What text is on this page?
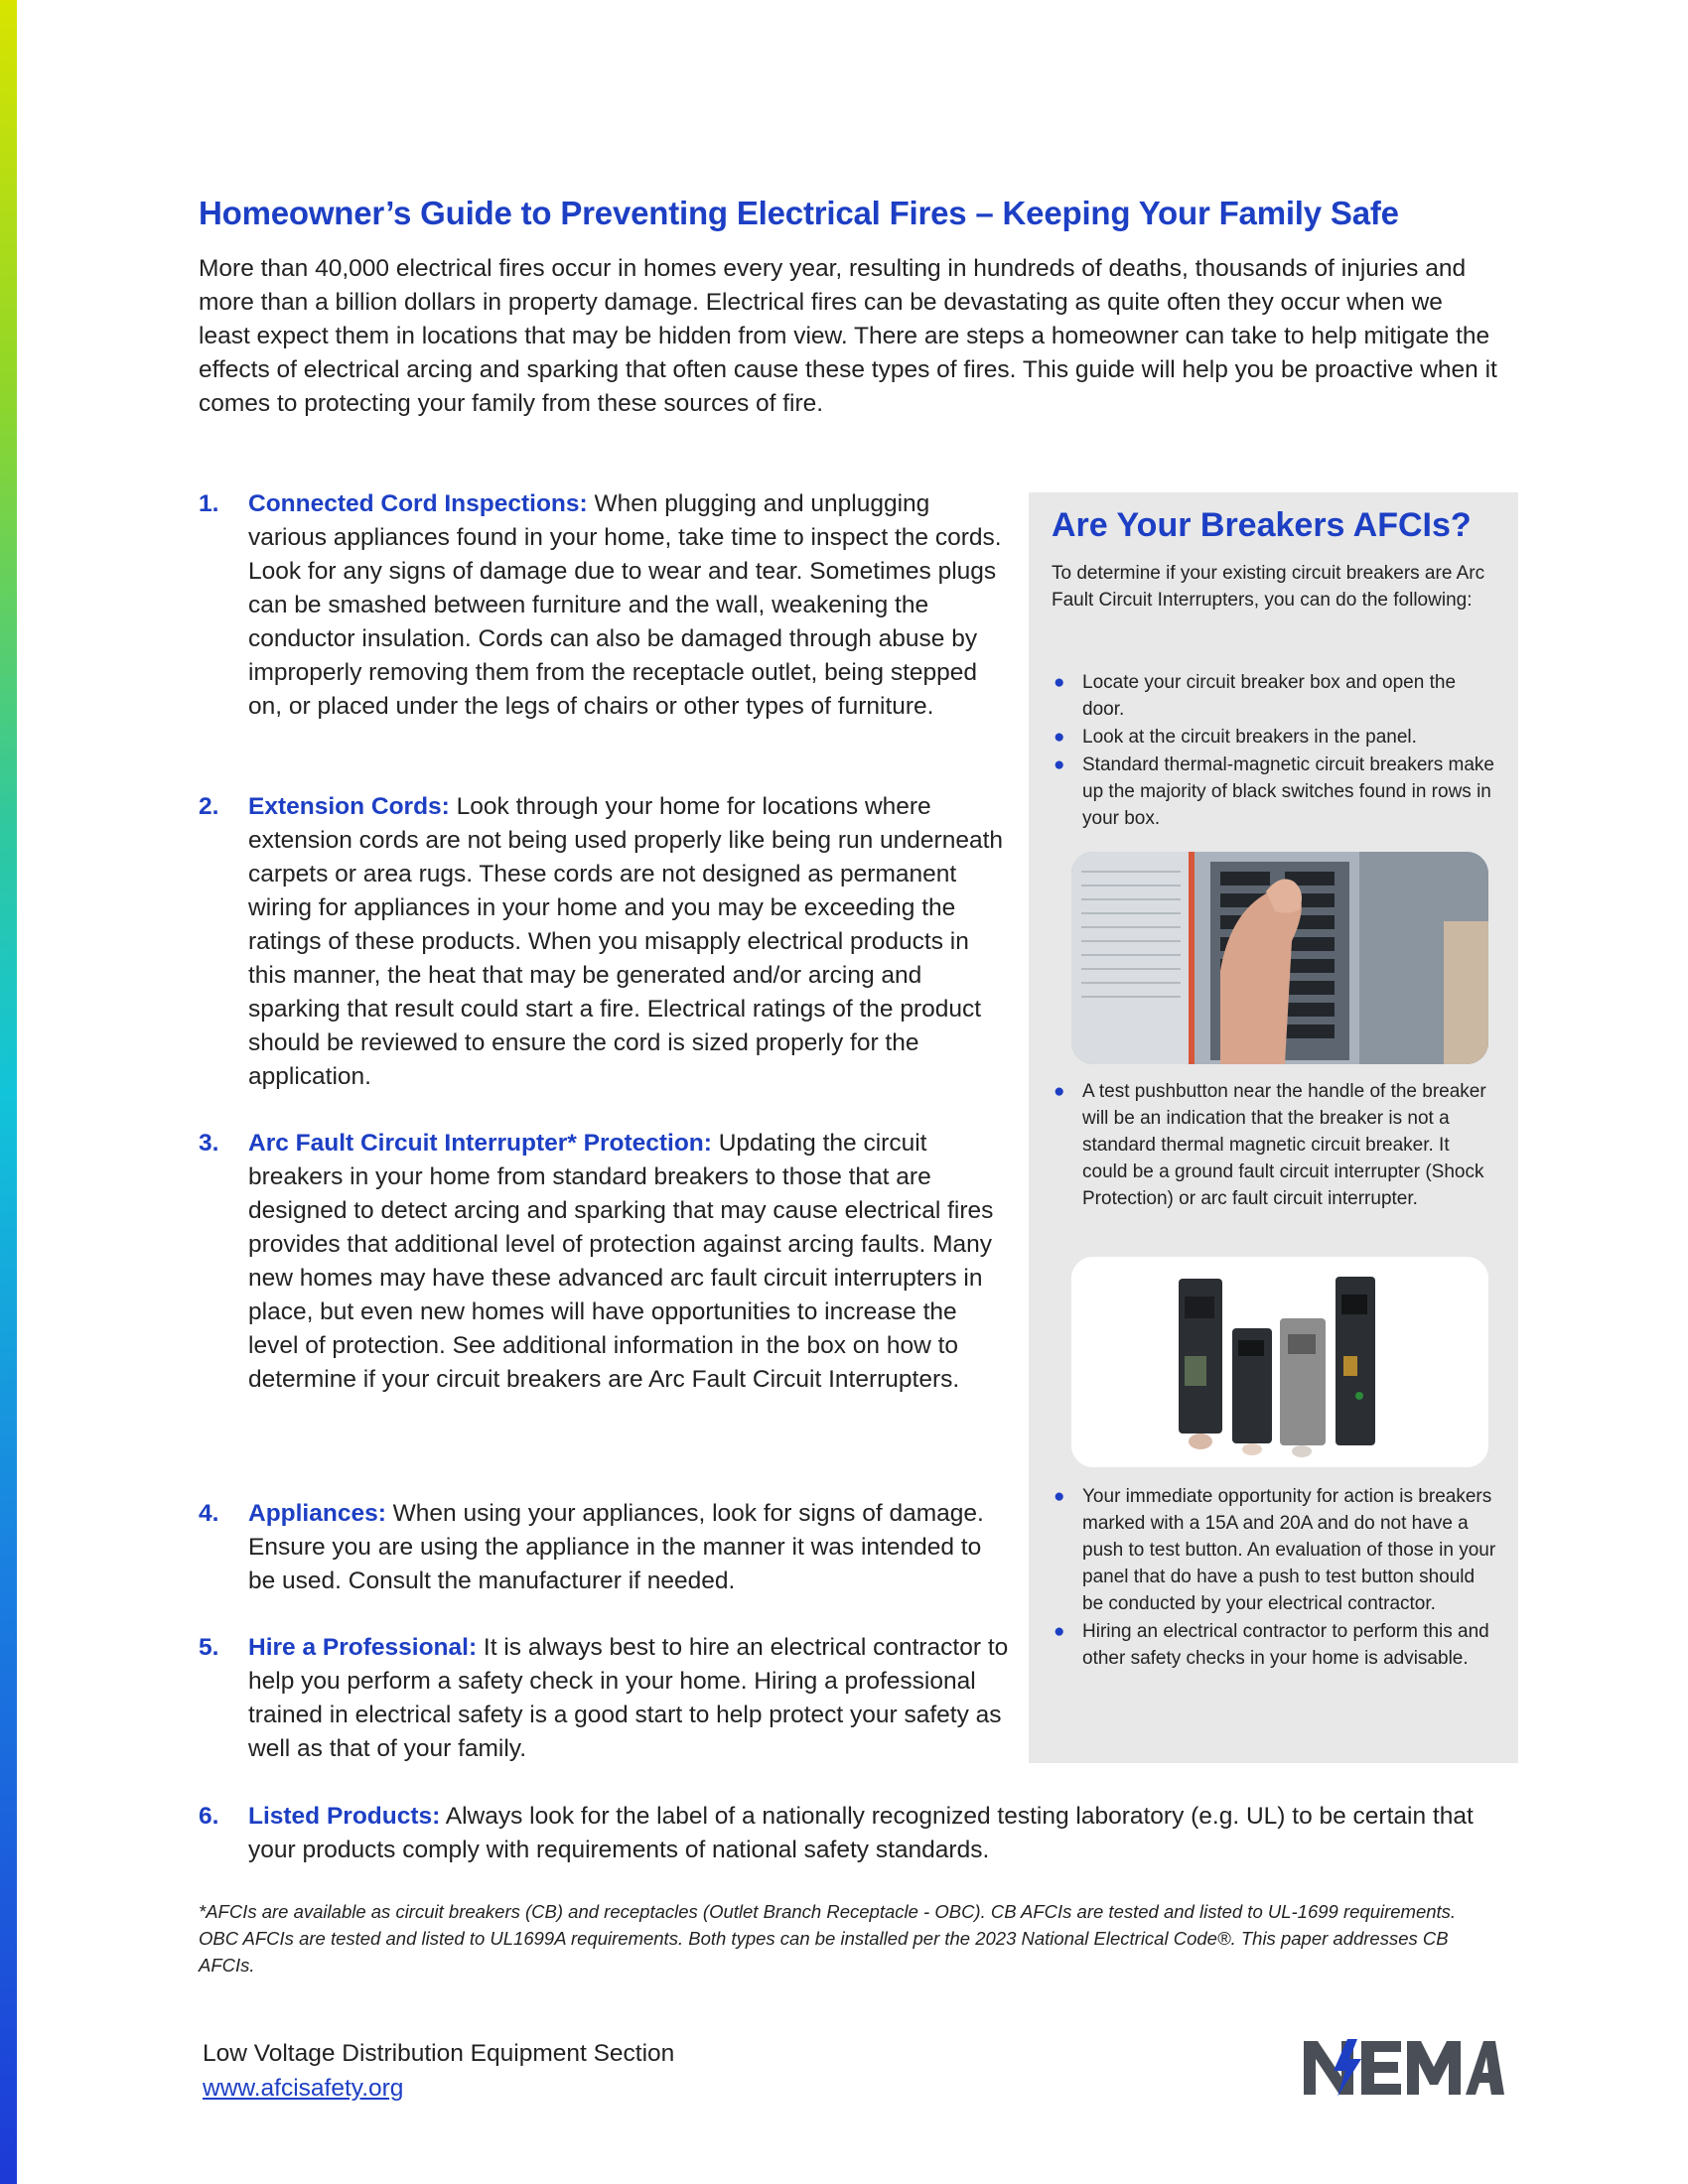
Homeowner’s Guide to Preventing Electrical Fires – Keeping Your Family Safe
More than 40,000 electrical fires occur in homes every year, resulting in hundreds of deaths, thousands of injuries and more than a billion dollars in property damage. Electrical fires can be devastating as quite often they occur when we least expect them in locations that may be hidden from view. There are steps a homeowner can take to help mitigate the effects of electrical arcing and sparking that often cause these types of fires. This guide will help you be proactive when it comes to protecting your family from these sources of fire.
1.	Connected Cord Inspections: When plugging and unplugging various appliances found in your home, take time to inspect the cords. Look for any signs of damage due to wear and tear. Sometimes plugs can be smashed between furniture and the wall, weakening the conductor insulation. Cords can also be damaged through abuse by improperly removing them from the receptacle outlet, being stepped on, or placed under the legs of chairs or other types of furniture.
2.	Extension Cords: Look through your home for locations where extension cords are not being used properly like being run underneath carpets or area rugs. These cords are not designed as permanent wiring for appliances in your home and you may be exceeding the ratings of these products. When you misapply electrical products in this manner, the heat that may be generated and/or arcing and sparking that result could start a fire. Electrical ratings of the product should be reviewed to ensure the cord is sized properly for the application.
3.	Arc Fault Circuit Interrupter* Protection: Updating the circuit breakers in your home from standard breakers to those that are designed to detect arcing and sparking that may cause electrical fires provides that additional level of protection against arcing faults. Many new homes may have these advanced arc fault circuit interrupters in place, but even new homes will have opportunities to increase the level of protection. See additional information in the box on how to determine if your circuit breakers are Arc Fault Circuit Interrupters.
4.	Appliances: When using your appliances, look for signs of damage. Ensure you are using the appliance in the manner it was intended to be used. Consult the manufacturer if needed.
5.	Hire a Professional: It is always best to hire an electrical contractor to help you perform a safety check in your home. Hiring a professional trained in electrical safety is a good start to help protect your safety as well as that of your family.
6.	Listed Products: Always look for the label of a nationally recognized testing laboratory (e.g. UL) to be certain that your products comply with requirements of national safety standards.
Are Your Breakers AFCIs?
To determine if your existing circuit breakers are Arc Fault Circuit Interrupters, you can do the following:
● Locate your circuit breaker box and open the door.
● Look at the circuit breakers in the panel.
● Standard thermal-magnetic circuit breakers make up the majority of black switches found in rows in your box.
● A test pushbutton near the handle of the breaker will be an indication that the breaker is not a standard thermal magnetic circuit breaker. It could be a ground fault circuit interrupter (Shock Protection) or arc fault circuit interrupter.
● Your immediate opportunity for action is breakers marked with a 15A and 20A and do not have a push to test button. An evaluation of those in your panel that do have a push to test button should be conducted by your electrical contractor.
● Hiring an electrical contractor to perform this and other safety checks in your home is advisable.
*AFCIs are available as circuit breakers (CB) and receptacles (Outlet Branch Receptacle - OBC). CB AFCIs are tested and listed to UL-1699 requirements. OBC AFCIs are tested and listed to UL1699A requirements. Both types can be installed per the 2023 National Electrical Code®. This paper addresses CB AFCIs.
Low Voltage Distribution Equipment Section
www.afcisafety.org
